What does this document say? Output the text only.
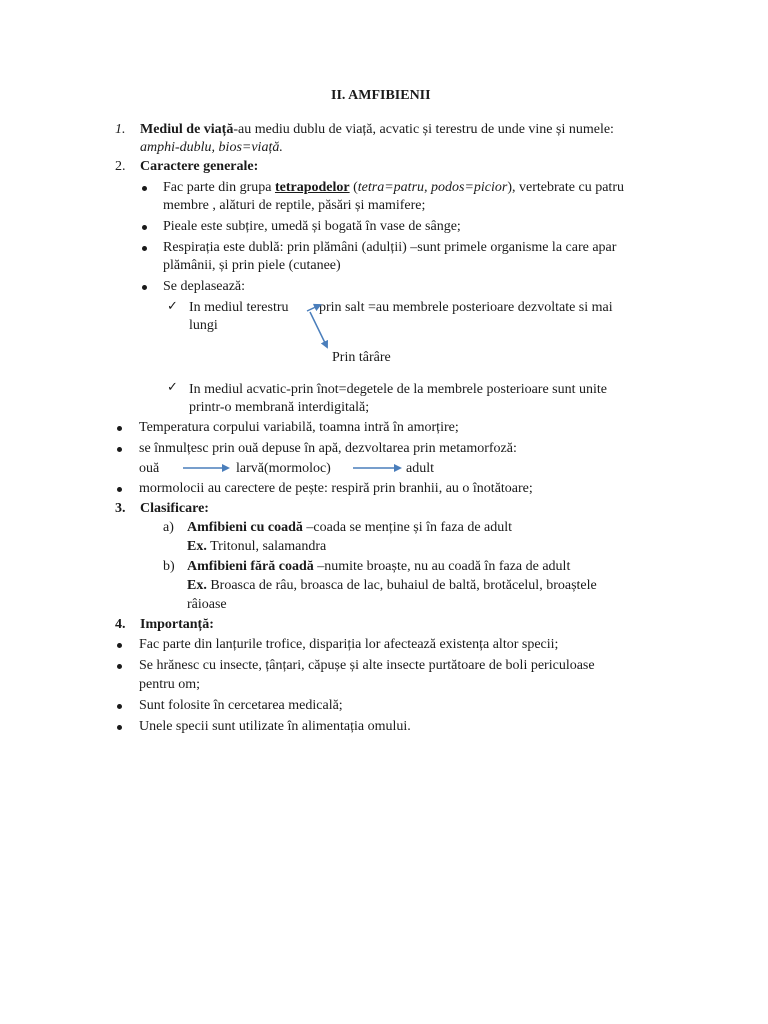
II. AMFIBIENII
1. Mediul de viață-au mediu dublu de viață, acvatic și terestru de unde vine și numele:
amphi-dublu, bios=viață.
2. Caractere generale:
Fac parte din grupa tetrapodelor (tetra=patru, podos=picior), vertebrate cu patru
membre , alături de reptile, păsări și mamifere;
Pieale este subțire, umedă și bogată în vase de sânge;
Respirația este dublă: prin plămâni (adulții) –sunt primele organisme la care apar
plămânii, și prin piele (cutanee)
Se deplasează:
✓ In mediul terestru prin salt =au membrele posterioare dezvoltate si mai
lungi
Prin târâre
✓ In mediul acvatic-prin înot=degetele de la membrele posterioare sunt unite
printr-o membrană interdigitală;
Temperatura corpului variabilă, toamna intră în amorțire;
se înmulțesc prin ouă depuse în apă, dezvoltarea prin metamorfoză:
ouă	larvă(mormoloc)	adult
mormolocii au carectere de pește: respiră prin branhii, au o înotătoare;
3. Clasificare:
a) Amfibieni cu coadă –coada se menține și în faza de adult
Ex. Tritonul, salamandra
b) Amfibieni fără coadă –numite broaște, nu au coadă în faza de adult
Ex. Broasca de râu, broasca de lac, buhaiul de baltă, brotăcelul, broaștele
râioase
4. Importanță:
Fac parte din lanțurile trofice, dispariția lor afectează existența altor specii;
Se hrănesc cu insecte, țânțari, căpușe și alte insecte purtătoare de boli periculoase
pentru om;
Sunt folosite în cercetarea medicală;
Unele specii sunt utilizate în alimentația omului.
